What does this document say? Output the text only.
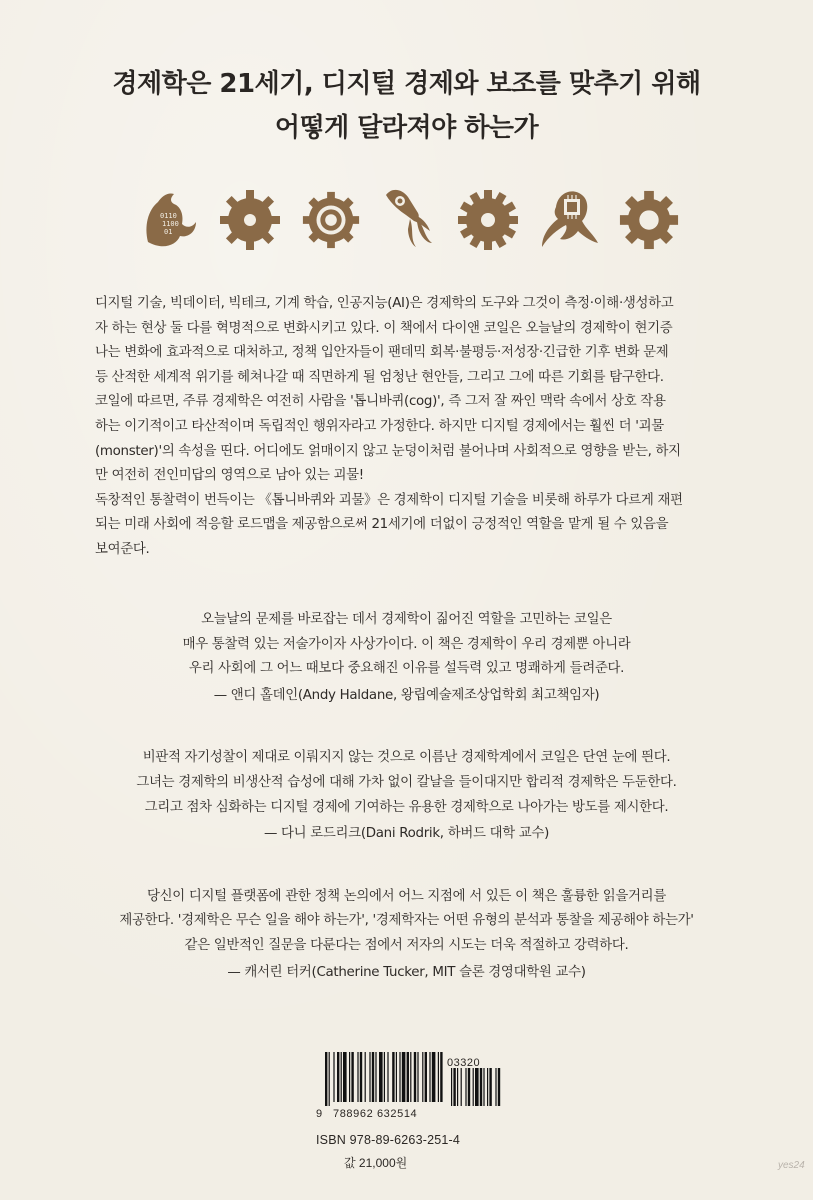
경제학은 21세기, 디지털 경제와 보조를 맞추기 위해
어떻게 달라져야 하는가
0110
1100
01

디지털 기술, 빅데이터, 빅테크, 기계 학습, 인공지능(AI)은 경제학의 도구와 그것이 측정·이해·생성하고

자 하는 현상 둘 다를 혁명적으로 변화시키고 있다. 이 책에서 다이앤 코일은 오늘날의 경제학이 현기증

나는 변화에 효과적으로 대처하고, 정책 입안자들이 팬데믹 회복·불평등·저성장·긴급한 기후 변화 문제

등 산적한 세계적 위기를 헤쳐나갈 때 직면하게 될 엄청난 현안들, 그리고 그에 따른 기회를 탐구한다.

코일에 따르면, 주류 경제학은 여전히 사람을 '톱니바퀴(cog)', 즉 그저 잘 짜인 맥락 속에서 상호 작용

하는 이기적이고 타산적이며 독립적인 행위자라고 가정한다. 하지만 디지털 경제에서는 훨씬 더 '괴물

(monster)'의 속성을 띤다. 어디에도 얽매이지 않고 눈덩이처럼 불어나며 사회적으로 영향을 받는, 하지

만 여전히 전인미답의 영역으로 남아 있는 괴물!

독창적인 통찰력이 번득이는 《톱니바퀴와 괴물》은 경제학이 디지털 기술을 비롯해 하루가 다르게 재편

되는 미래 사회에 적응할 로드맵을 제공함으로써 21세기에 더없이 긍정적인 역할을 맡게 될 수 있음을

보여준다.

오늘날의 문제를 바로잡는 데서 경제학이 짊어진 역할을 고민하는 코일은

매우 통찰력 있는 저술가이자 사상가이다. 이 책은 경제학이 우리 경제뿐 아니라

우리 사회에 그 어느 때보다 중요해진 이유를 설득력 있고 명쾌하게 들려준다.

— 앤디 홀데인(Andy Haldane, 왕립예술제조상업학회 최고책임자)

비판적 자기성찰이 제대로 이뤄지지 않는 것으로 이름난 경제학계에서 코일은 단연 눈에 띈다.

그녀는 경제학의 비생산적 습성에 대해 가차 없이 칼날을 들이대지만 합리적 경제학은 두둔한다.

그리고 점차 심화하는 디지털 경제에 기여하는 유용한 경제학으로 나아가는 방도를 제시한다.

— 다니 로드리크(Dani Rodrik, 하버드 대학 교수)

당신이 디지털 플랫폼에 관한 정책 논의에서 어느 지점에 서 있든 이 책은 훌륭한 읽을거리를

제공한다. '경제학은 무슨 일을 해야 하는가', '경제학자는 어떤 유형의 분석과 통찰을 제공해야 하는가'

같은 일반적인 질문을 다룬다는 점에서 저자의 시도는 더욱 적절하고 강력하다.

— 캐서린 터커(Catherine Tucker, MIT 슬론 경영대학원 교수)

03320
9 788962 632514
ISBN 978-89-6263-251-4
값 21,000원	yes24
